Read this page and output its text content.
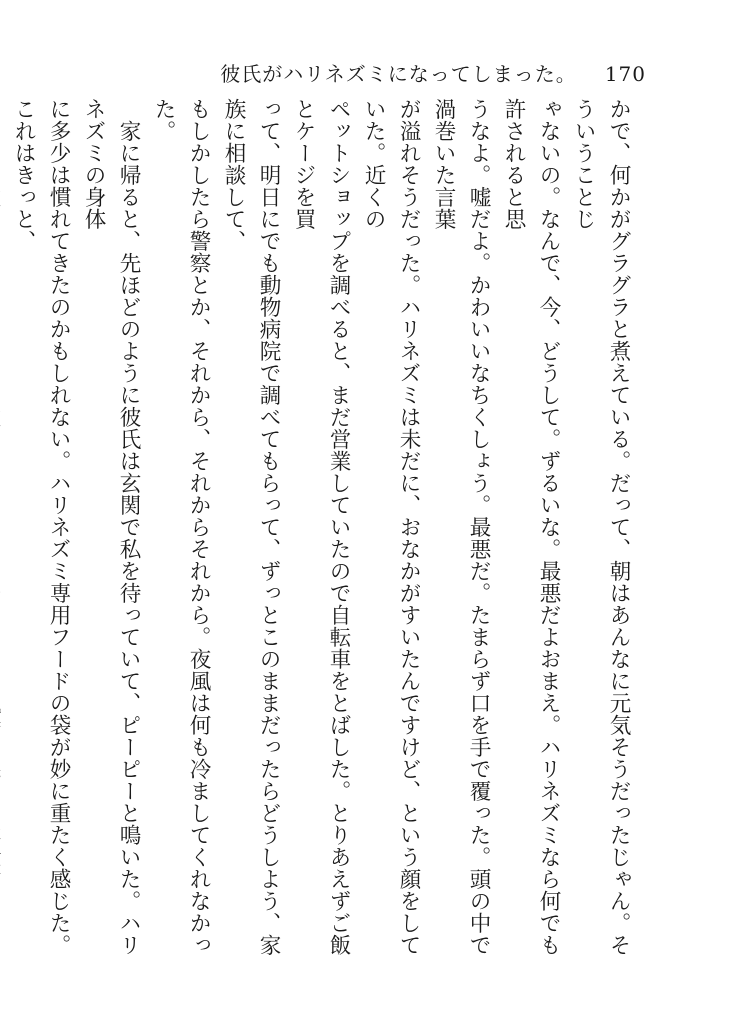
彼氏がハリネズミになってしまった。 170

かで、何かがグラグラと煮えている。だって、朝はあんなに元気そうだったじゃん。そういうことじ
ゃないの。なんで、今、どうして。ずるいな。最悪だよおまえ。ハリネズミなら何でも許されると思
うなよ。嘘だよ。かわいいなちくしょう。最悪だ。たまらず口を手で覆った。頭の中で渦巻いた言葉
が溢れそうだった。ハリネズミは未だに、おなかがすいたんですけど、という顔をしていた。近くの
ペットショップを調べると、まだ営業していたので自転車をとばした。とりあえずご飯とケージを買
って、明日にでも動物病院で調べてもらって、ずっとこのままだったらどうしよう、家族に相談して、
もしかしたら警察とか、それから、それからそれから。夜風は何も冷ましてくれなかった。

家に帰ると、先ほどのように彼氏は玄関で私を待っていて、ピーピーと鳴いた。ハリネズミの身体
に多少は慣れてきたのかもしれない。ハリネズミ専用フードの袋が妙に重たく感じた。これはきっと、
